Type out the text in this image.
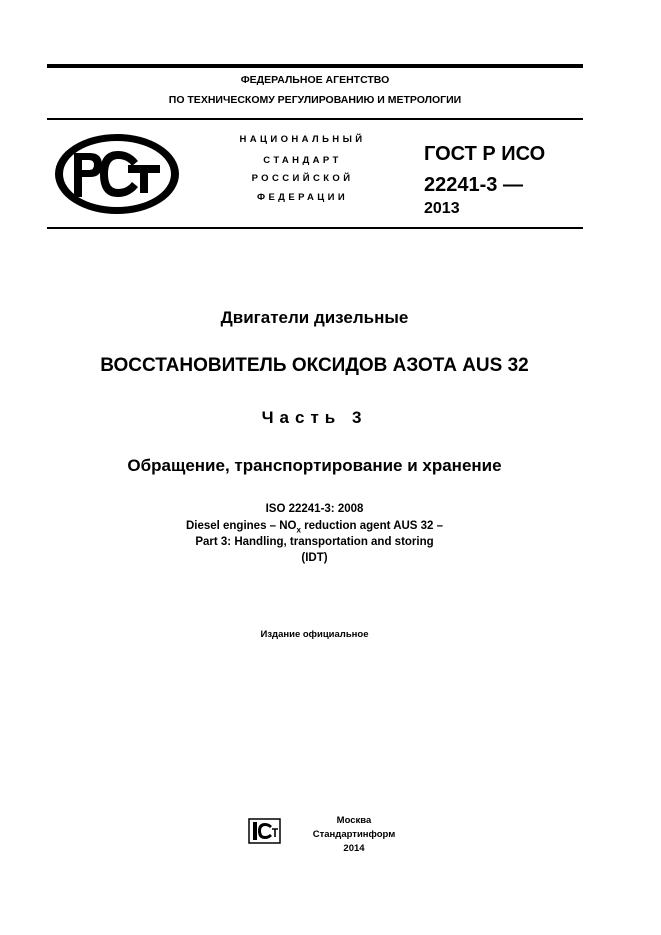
ФЕДЕРАЛЬНОЕ АГЕНТСТВО
ПО ТЕХНИЧЕСКОМУ РЕГУЛИРОВАНИЮ И МЕТРОЛОГИИ
НАЦИОНАЛЬНЫЙ
СТАНДАРТ
РОССИЙСКОЙ
ФЕДЕРАЦИИ
ГОСТ Р ИСО
22241-3 —
2013
Двигатели дизельные
ВОССТАНОВИТЕЛЬ ОКСИДОВ АЗОТА AUS 32
Часть 3
Обращение, транспортирование и хранение
ISO 22241-3: 2008
Diesel engines – $NO_x$ reduction agent AUS 32 –
Part 3: Handling, transportation and storing
(IDT)
Издание официальное
Москва
Стандартинформ
2014
